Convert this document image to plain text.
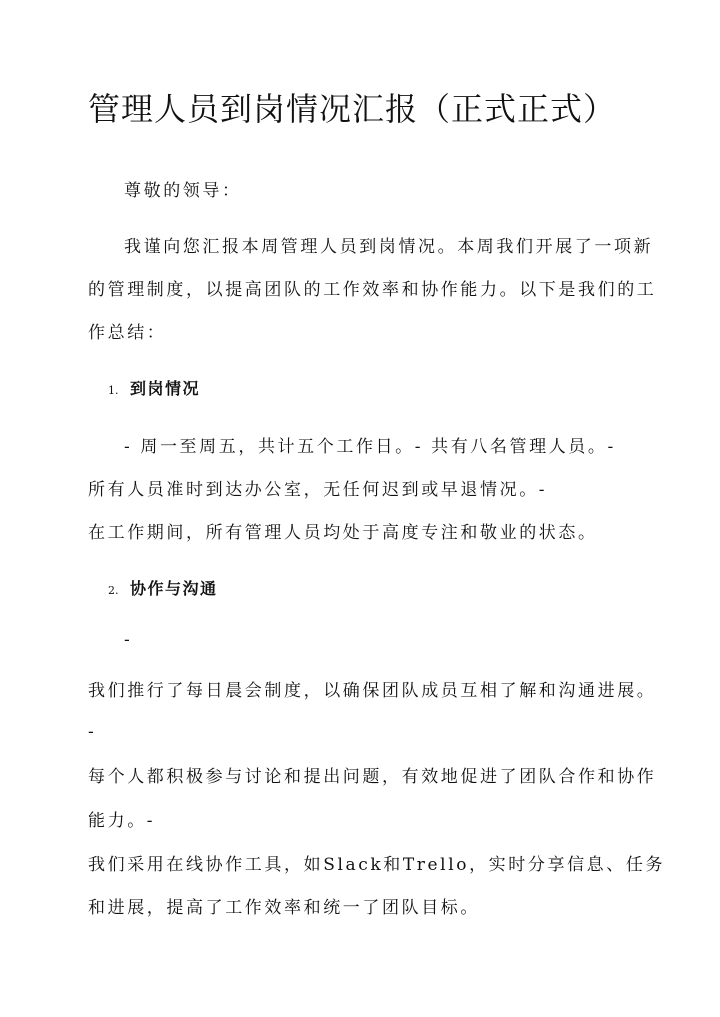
管理人员到岗情况汇报（正式正式）

尊敬的领导：

我谨向您汇报本周管理人员到岗情况。本周我们开展了一项新

的管理制度，以提高团队的工作效率和协作能力。以下是我们的工

作总结：

1. 到岗情况

- 周一至周五，共计五个工作日。- 共有八名管理人员。-

所有人员准时到达办公室，无任何迟到或早退情况。-

在工作期间，所有管理人员均处于高度专注和敬业的状态。

2. 协作与沟通

-

我们推行了每日晨会制度，以确保团队成员互相了解和沟通进展。

-

每个人都积极参与讨论和提出问题，有效地促进了团队合作和协作

能力。-

我们采用在线协作工具，如Slack和Trello，实时分享信息、任务

和进展，提高了工作效率和统一了团队目标。
